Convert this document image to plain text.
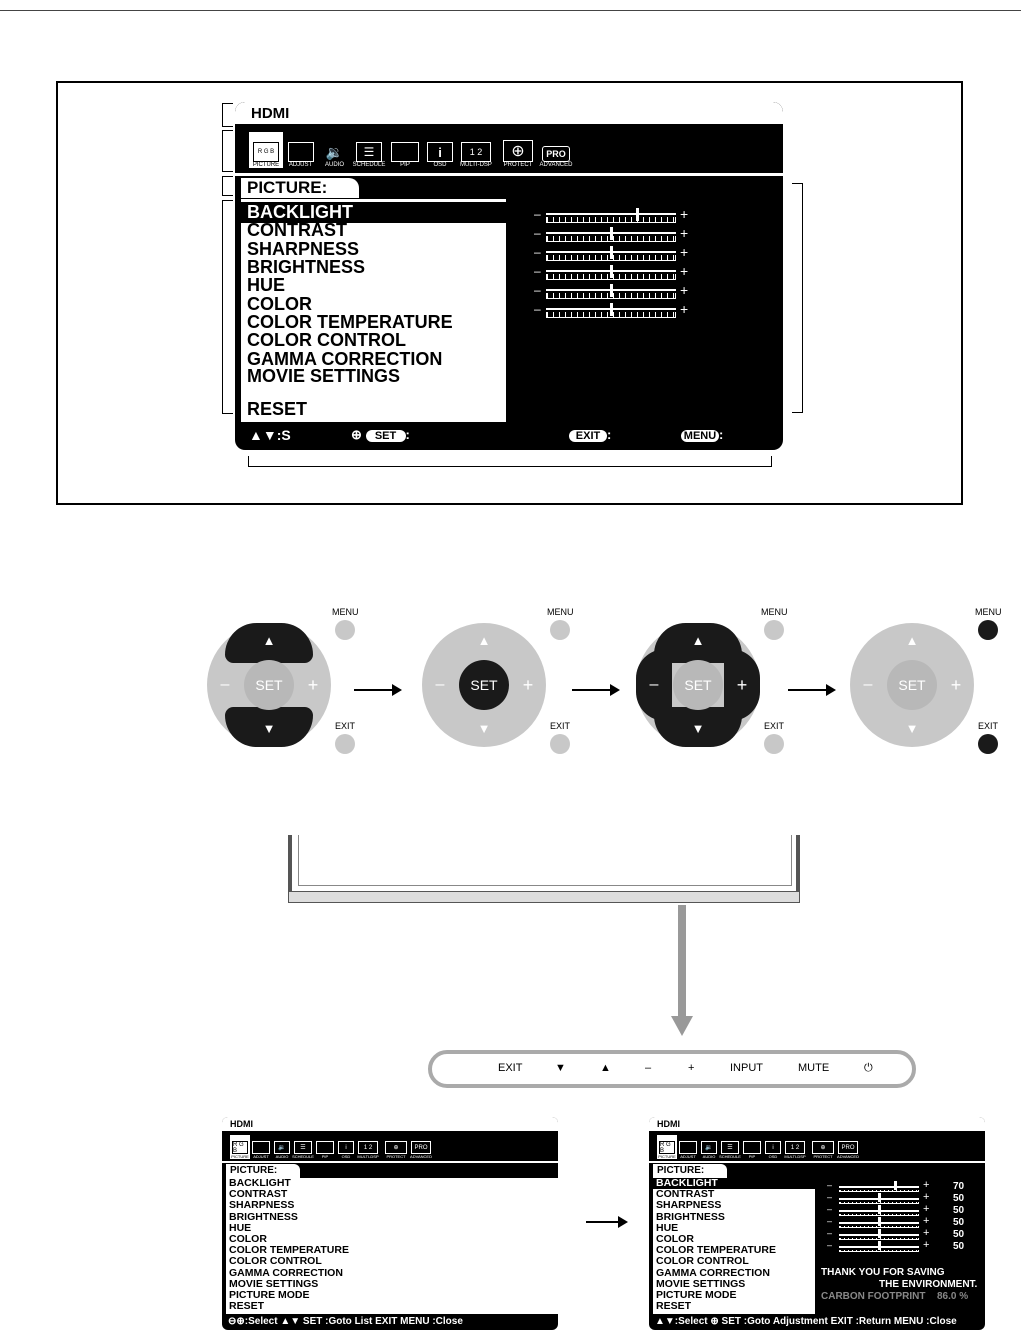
HDMI
R G B
PICTURE ADJUST
🔉
AUDIO
☰
SCHEDULE PIP
i
OSD
1 2
MULTI-DSP
⊕
PROTECT
PRO
ADVANCED
PICTURE:
BACKLIGHT
CONTRAST
SHARPNESS
BRIGHTNESS
HUE
COLOR
COLOR TEMPERATURE
COLOR CONTROL
GAMMA CORRECTION
MOVIE SETTINGS
RESET
–	+
–	+
–	+
–	+
–	+
–	+
▲▼:S	⊕ SET :	EXIT :	MENU :
▲
▼
–	+
SET
MENU
EXIT
▲
▼
–	+
SET
MENU
EXIT
▲
▼
–	+
SET
MENU
EXIT
▲
▼
–	+
SET
MENU
EXIT
EXIT	▼	▲	–	+	INPUT	MUTE	⏻
HDMI
R G B
PICTURE ADJUST
🔉
AUDIO
☰
SCHEDULE PIP
i
OSD
1 2
MULTI-DSP
⊕
PROTECT
PRO
ADVANCED
PICTURE:
BACKLIGHT
CONTRAST
SHARPNESS
BRIGHTNESS
HUE
COLOR
COLOR TEMPERATURE
COLOR CONTROL
GAMMA CORRECTION
MOVIE SETTINGS
PICTURE MODE
RESET
⊖⊕:Select ▲▼ SET :Goto List EXIT MENU :Close
HDMI
R G B
PICTURE ADJUST
🔉
AUDIO
☰
SCHEDULE PIP
i
OSD
1 2
MULTI-DSP
⊕
PROTECT
PRO
ADVANCED
PICTURE:
BACKLIGHT
CONTRAST
SHARPNESS
BRIGHTNESS
HUE
COLOR
COLOR TEMPERATURE
COLOR CONTROL
GAMMA CORRECTION
MOVIE SETTINGS
PICTURE MODE
RESET
–	+
–	+
–	+
–	+
–	+
–	+
70
50
50
50
50
50
THANK YOU FOR SAVING
THE ENVIRONMENT.
CARBON FOOTPRINT 86.0 %
▲▼:Select ⊕ SET :Goto Adjustment EXIT :Return MENU :Close
